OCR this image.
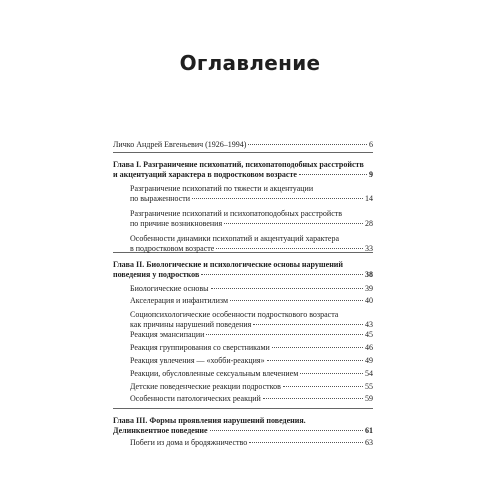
Оглавление
Личко Андрей Евгеньевич (1926–1994)	6
Глава I. Разграничение психопатий, психопатоподобных расстройств
и акцентуаций характера в подростковом возрасте	9
Разграничение психопатий по тяжести и акцентуации
по выраженности	14
Разграничение психопатий и психопатоподобных расстройств
по причине возникновения	28
Особенности динамики психопатий и акцентуаций характера
в подростковом возрасте	33
Глава II. Биологические и психологические основы нарушений
поведения у подростков	38
Биологические основы	39
Акселерация и инфантилизм	40
Социопсихологические особенности подросткового возраста
как причины нарушений поведения	43
Реакция эмансипации	45
Реакция группирования со сверстниками	46
Реакция увлечения — «хобби-реакция»	49
Реакции, обусловленные сексуальным влечением	54
Детские поведенческие реакции подростков	55
Особенности патологических реакций	59
Глава III. Формы проявления нарушений поведения.
Делинквентное поведение	61
Побеги из дома и бродяжничество	63
